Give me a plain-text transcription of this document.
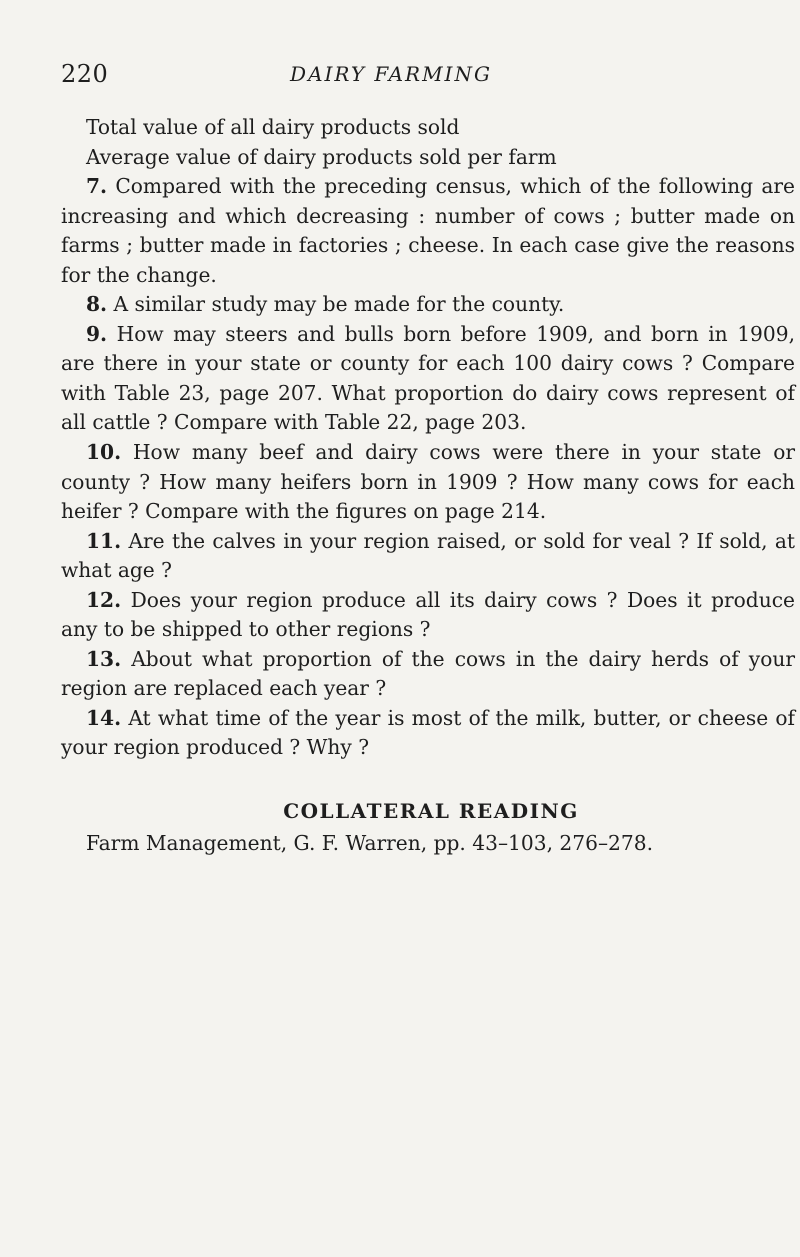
220	DAIRY FARMING

Total value of all dairy products sold

Average value of dairy products sold per farm

7. Compared with the preceding census, which of the following are increasing and which decreasing : number of cows ; butter made on farms ; butter made in factories ; cheese. In each case give the reasons for the change.

8. A similar study may be made for the county.

9. How may steers and bulls born before 1909, and born in 1909, are there in your state or county for each 100 dairy cows ? Compare with Table 23, page 207. What proportion do dairy cows represent of all cattle ? Compare with Table 22, page 203.

10. How many beef and dairy cows were there in your state or county ? How many heifers born in 1909 ? How many cows for each heifer ? Compare with the figures on page 214.

11. Are the calves in your region raised, or sold for veal ? If sold, at what age ?

12. Does your region produce all its dairy cows ? Does it produce any to be shipped to other regions ?

13. About what proportion of the cows in the dairy herds of your region are replaced each year ?

14. At what time of the year is most of the milk, butter, or cheese of your region produced ? Why ?

COLLATERAL READING

Farm Management, G. F. Warren, pp. 43–103, 276–278.
